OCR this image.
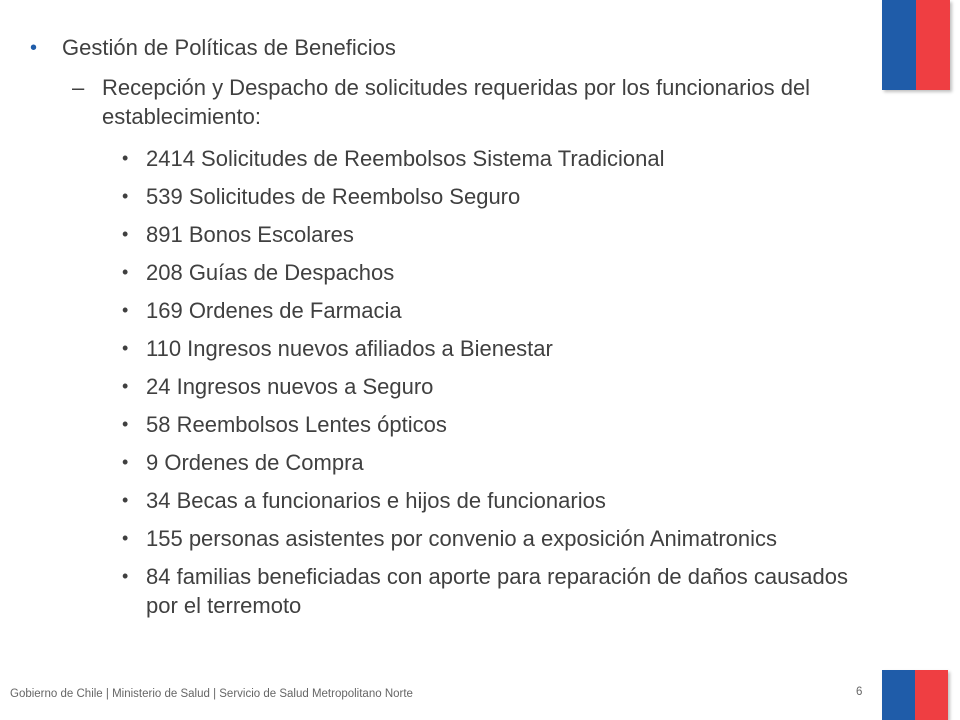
• Gestión de Políticas de Beneficios
– Recepción y Despacho de solicitudes requeridas por los funcionarios del establecimiento:
• 2414 Solicitudes de Reembolsos Sistema Tradicional
• 539 Solicitudes de Reembolso Seguro
• 891 Bonos Escolares
• 208 Guías de Despachos
• 169 Ordenes de Farmacia
• 110 Ingresos nuevos afiliados a Bienestar
• 24 Ingresos nuevos a Seguro
• 58 Reembolsos Lentes ópticos
• 9 Ordenes de Compra
• 34 Becas a funcionarios e hijos de funcionarios
• 155 personas asistentes por convenio a exposición Animatronics
• 84 familias beneficiadas con aporte para reparación de daños causados por el terremoto
Gobierno de Chile | Ministerio de Salud | Servicio de Salud Metropolitano Norte	6
